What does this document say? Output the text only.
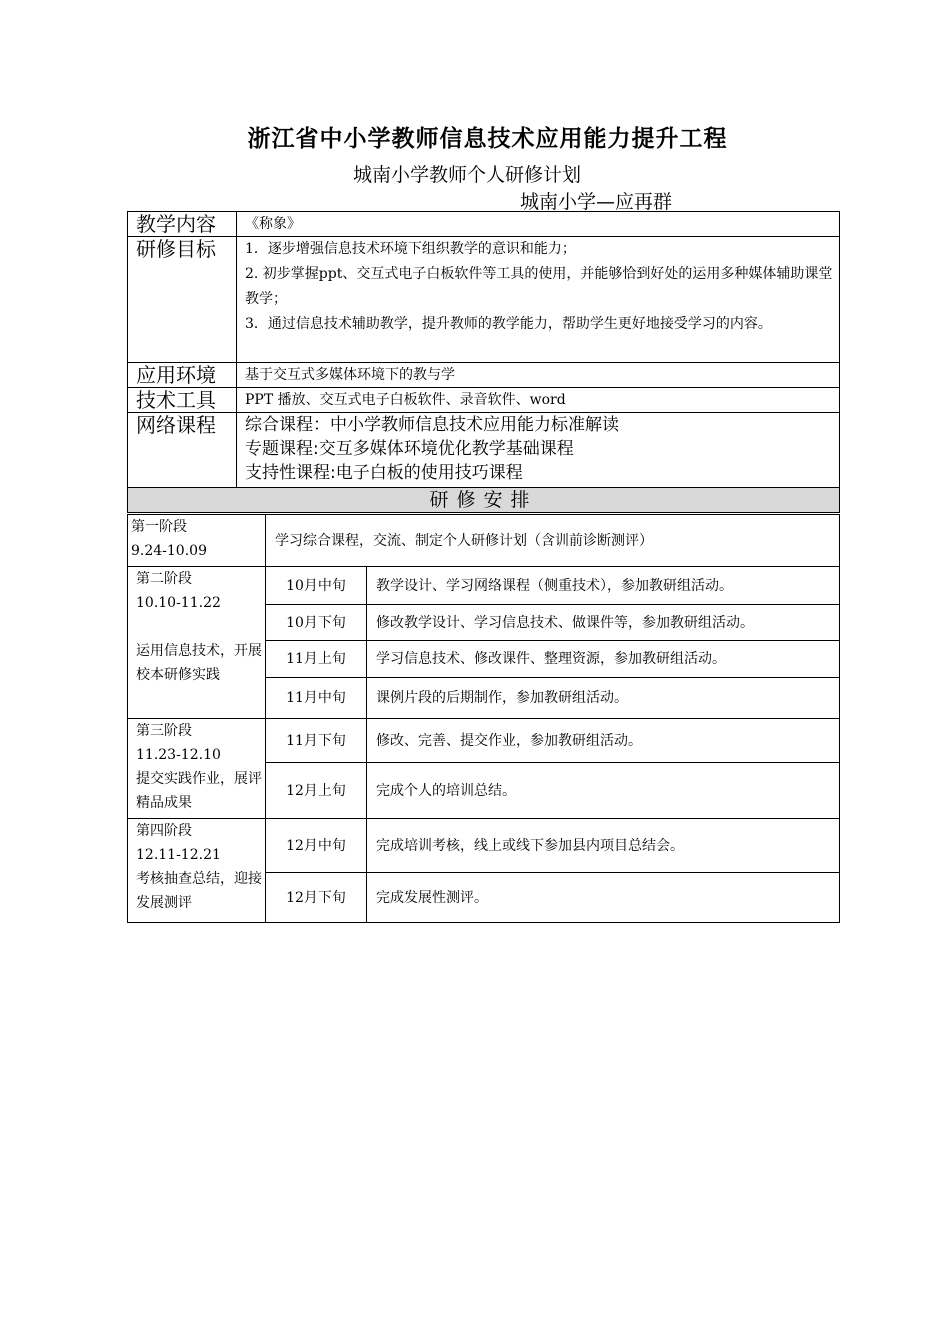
浙江省中小学教师信息技术应用能力提升工程
城南小学教师个人研修计划
城南小学—应再群
教学内容	《称象》
研修目标	1．逐步增强信息技术环境下组织教学的意识和能力；
2. 初步掌握ppt、交互式电子白板软件等工具的使用，并能够恰到好处的运用多种媒体辅助课堂教学；
3．通过信息技术辅助教学，提升教师的教学能力，帮助学生更好地接受学习的内容。

应用环境	基于交互式多媒体环境下的教与学
技术工具	PPT 播放、交互式电子白板软件、录音软件、word
网络课程	综合课程：中小学教师信息技术应用能力标准解读
专题课程:交互多媒体环境优化教学基础课程
支持性课程:电子白板的使用技巧课程

研修安排	
第一阶段
9.24-10.09	学习综合课程，交流、制定个人研修计划（含训前诊断测评）	

第二阶段
10.10-11.22
运用信息技术，开展校本研修实践	10月中旬	教学设计、学习网络课程（侧重技术），参加教研组活动。
	10月下旬	修改教学设计、学习信息技术、做课件等，参加教研组活动。
	11月上旬	学习信息技术、修改课件、整理资源，参加教研组活动。
	11月中旬	课例片段的后期制作，参加教研组活动。

第三阶段
11.23-12.10
提交实践作业，展评精品成果	11月下旬	修改、完善、提交作业，参加教研组活动。
	12月上旬	完成个人的培训总结。

第四阶段
12.11-12.21
考核抽查总结，迎接发展测评	12月中旬	完成培训考核，线上或线下参加县内项目总结会。
	12月下旬	完成发展性测评。
